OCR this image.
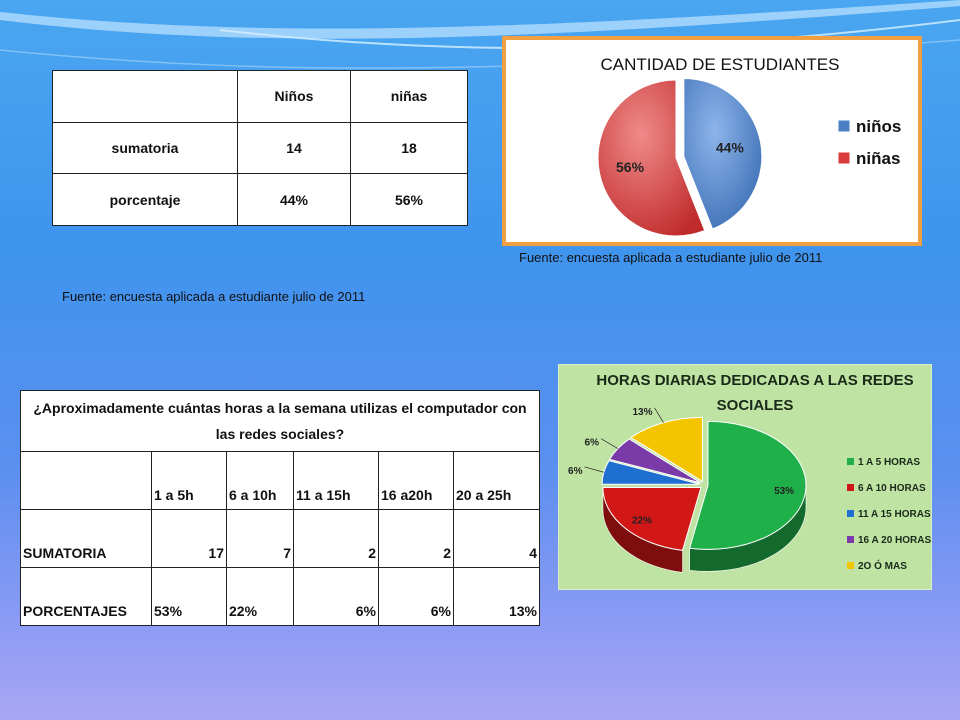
	Niños	niñas
sumatoria	14	18
porcentaje	44%	56%
Fuente: encuesta aplicada a estudiante julio de 2011
Fuente: encuesta aplicada a estudiante julio de 2011
CANTIDAD DE ESTUDIANTES
44%
56%
niños
niñas
HORAS DIARIAS DEDICADAS A LAS REDES
SOCIALES
53%
22%
6%
6%
13%
1 A 5 HORAS
6 A 10 HORAS
11 A 15 HORAS
16 A 20 HORAS
2O Ó MAS
¿Aproximadamente cuántas horas a la semana utilizas el computador con las redes sociales?					
	1 a 5h	6 a 10h	11 a 15h	16 a20h	20 a 25h
SUMATORIA	17	7	2	2	4
PORCENTAJES	53%	22%	6%	6%	13%
